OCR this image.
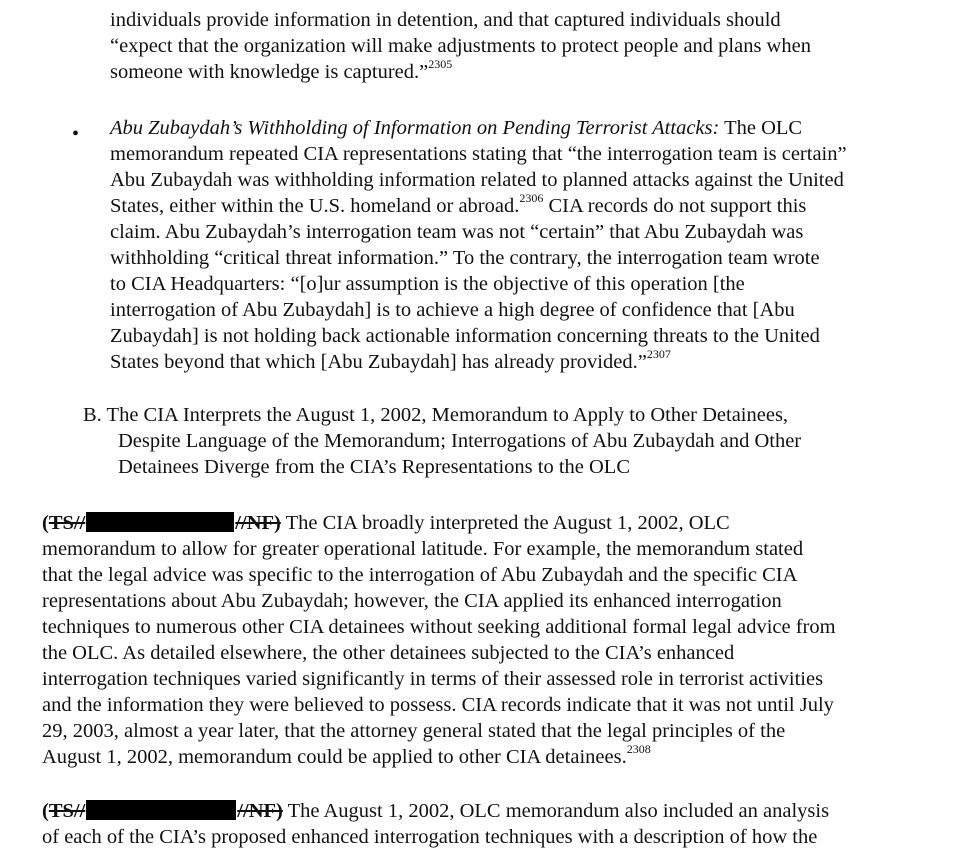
individuals provide information in detention, and that captured individuals should
“expect that the organization will make adjustments to protect people and plans when
someone with knowledge is captured.”$^{2305}$
• Abu Zubaydah’s Withholding of Information on Pending Terrorist Attacks: The OLC
memorandum repeated CIA representations stating that “the interrogation team is certain”
Abu Zubaydah was withholding information related to planned attacks against the United
States, either within the U.S. homeland or abroad.$^{2306}$ CIA records do not support this
claim. Abu Zubaydah’s interrogation team was not “certain” that Abu Zubaydah was
withholding “critical threat information.” To the contrary, the interrogation team wrote
to CIA Headquarters: “[o]ur assumption is the objective of this operation [the
interrogation of Abu Zubaydah] is to achieve a high degree of confidence that [Abu
Zubaydah] is not holding back actionable information concerning threats to the United
States beyond that which [Abu Zubaydah] has already provided.”$^{2307}$
B. The CIA Interprets the August 1, 2002, Memorandum to Apply to Other Detainees,
Despite Language of the Memorandum; Interrogations of Abu Zubaydah and Other
Detainees Diverge from the CIA’s Representations to the OLC
(TS//	//NF) The CIA broadly interpreted the August 1, 2002, OLC
memorandum to allow for greater operational latitude. For example, the memorandum stated
that the legal advice was specific to the interrogation of Abu Zubaydah and the specific CIA
representations about Abu Zubaydah; however, the CIA applied its enhanced interrogation
techniques to numerous other CIA detainees without seeking additional formal legal advice from
the OLC. As detailed elsewhere, the other detainees subjected to the CIA’s enhanced
interrogation techniques varied significantly in terms of their assessed role in terrorist activities
and the information they were believed to possess. CIA records indicate that it was not until July
29, 2003, almost a year later, that the attorney general stated that the legal principles of the
August 1, 2002, memorandum could be applied to other CIA detainees.$^{2308}$
(TS//	//NF) The August 1, 2002, OLC memorandum also included an analysis
of each of the CIA’s proposed enhanced interrogation techniques with a description of how the
